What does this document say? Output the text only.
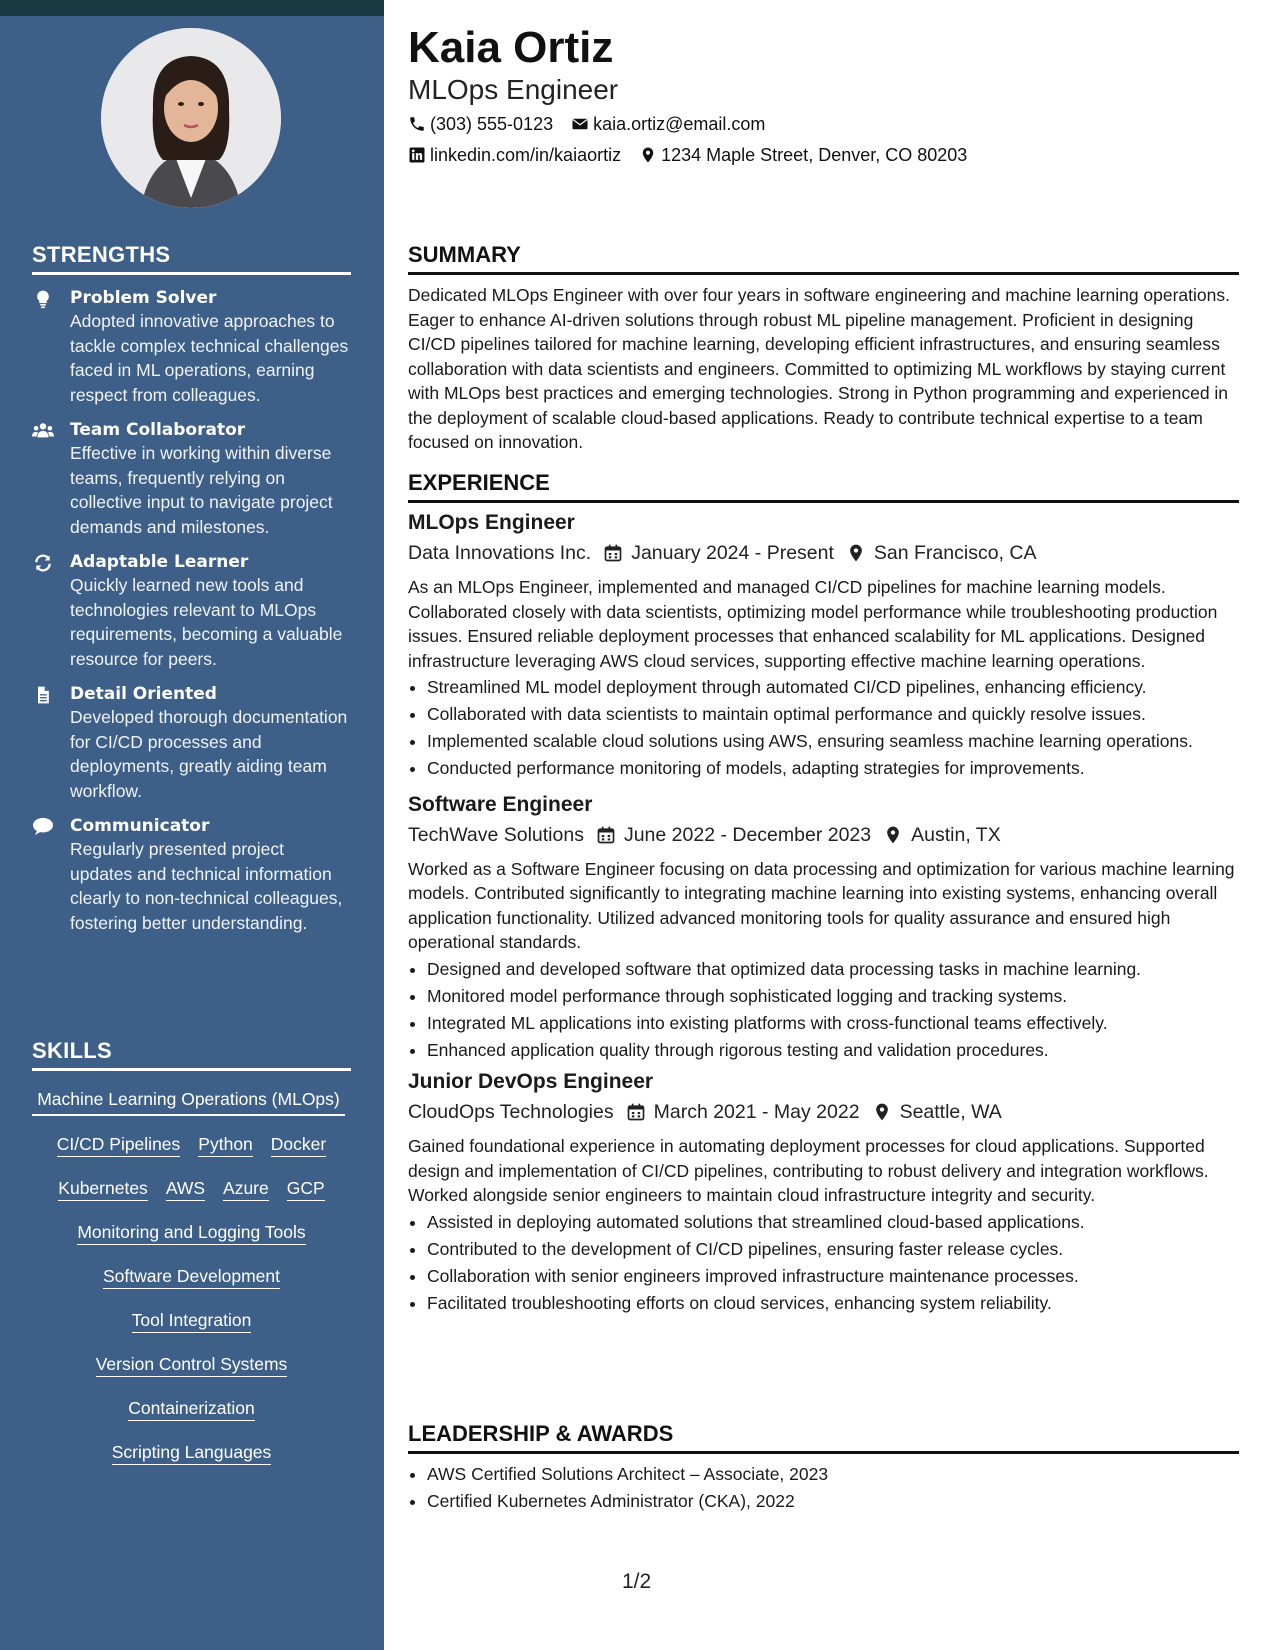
STRENGTHS
Problem Solver
Adopted innovative approaches to tackle complex technical challenges faced in ML operations, earning respect from colleagues.
Team Collaborator
Effective in working within diverse teams, frequently relying on collective input to navigate project demands and milestones.
Adaptable Learner
Quickly learned new tools and technologies relevant to MLOps requirements, becoming a valuable resource for peers.
Detail Oriented
Developed thorough documentation for CI/CD processes and deployments, greatly aiding team workflow.
Communicator
Regularly presented project updates and technical information clearly to non-technical colleagues, fostering better understanding.
SKILLS
Machine Learning Operations (MLOps)
CI/CD Pipelines Python Docker
Kubernetes AWS Azure GCP
Monitoring and Logging Tools
Software Development
Tool Integration
Version Control Systems
Containerization
Scripting Languages
Kaia Ortiz
MLOps Engineer
(303) 555-0123 kaia.ortiz@email.com
linkedin.com/in/kaiaortiz 1234 Maple Street, Denver, CO 80203
SUMMARY
Dedicated MLOps Engineer with over four years in software engineering and machine learning operations. Eager to enhance AI-driven solutions through robust ML pipeline management. Proficient in designing CI/CD pipelines tailored for machine learning, developing efficient infrastructures, and ensuring seamless collaboration with data scientists and engineers. Committed to optimizing ML workflows by staying current with MLOps best practices and emerging technologies. Strong in Python programming and experienced in the deployment of scalable cloud-based applications. Ready to contribute technical expertise to a team focused on innovation.
EXPERIENCE
MLOps Engineer
Data Innovations Inc. January 2024 - Present San Francisco, CA
As an MLOps Engineer, implemented and managed CI/CD pipelines for machine learning models. Collaborated closely with data scientists, optimizing model performance while troubleshooting production issues. Ensured reliable deployment processes that enhanced scalability for ML applications. Designed infrastructure leveraging AWS cloud services, supporting effective machine learning operations.
• Streamlined ML model deployment through automated CI/CD pipelines, enhancing efficiency.
• Collaborated with data scientists to maintain optimal performance and quickly resolve issues.
• Implemented scalable cloud solutions using AWS, ensuring seamless machine learning operations.
• Conducted performance monitoring of models, adapting strategies for improvements.
Software Engineer
TechWave Solutions June 2022 - December 2023 Austin, TX
Worked as a Software Engineer focusing on data processing and optimization for various machine learning models. Contributed significantly to integrating machine learning into existing systems, enhancing overall application functionality. Utilized advanced monitoring tools for quality assurance and ensured high operational standards.
• Designed and developed software that optimized data processing tasks in machine learning.
• Monitored model performance through sophisticated logging and tracking systems.
• Integrated ML applications into existing platforms with cross-functional teams effectively.
• Enhanced application quality through rigorous testing and validation procedures.
Junior DevOps Engineer
CloudOps Technologies March 2021 - May 2022 Seattle, WA
Gained foundational experience in automating deployment processes for cloud applications. Supported design and implementation of CI/CD pipelines, contributing to robust delivery and integration workflows. Worked alongside senior engineers to maintain cloud infrastructure integrity and security.
• Assisted in deploying automated solutions that streamlined cloud-based applications.
• Contributed to the development of CI/CD pipelines, ensuring faster release cycles.
• Collaboration with senior engineers improved infrastructure maintenance processes.
• Facilitated troubleshooting efforts on cloud services, enhancing system reliability.
LEADERSHIP & AWARDS
• AWS Certified Solutions Architect – Associate, 2023
• Certified Kubernetes Administrator (CKA), 2022
1/2
